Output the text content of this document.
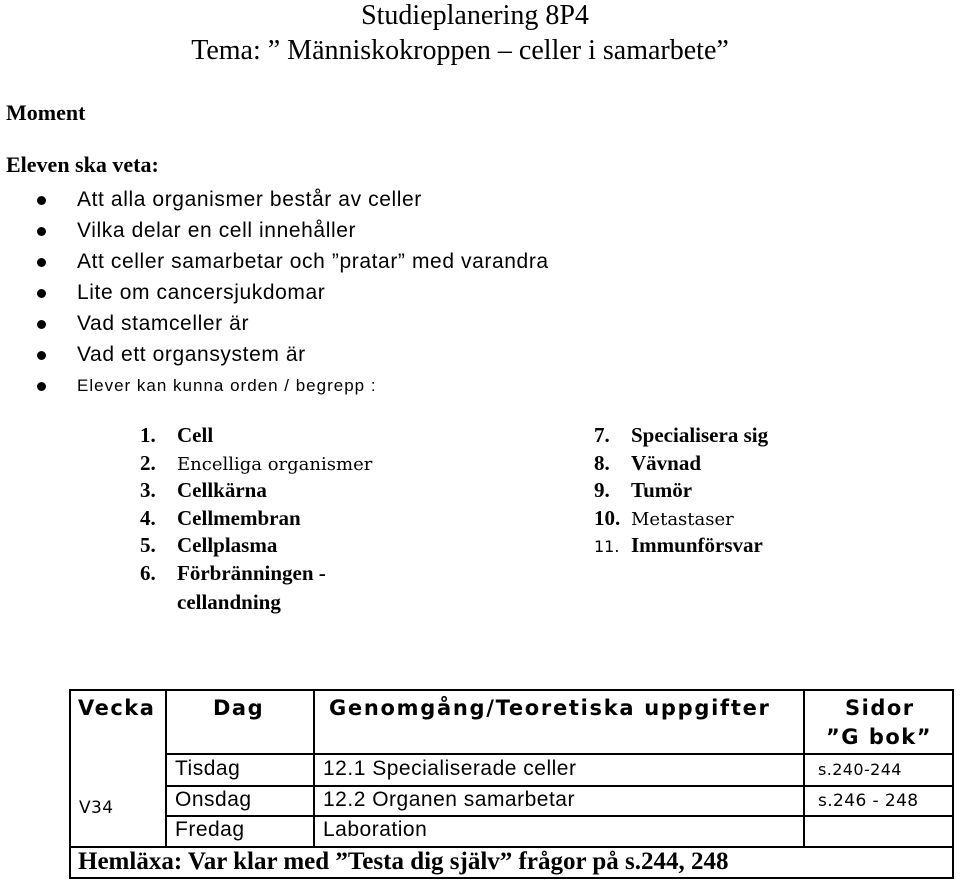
Studieplanering 8P4
Tema: ” Människokroppen – celler i samarbete”
Moment
Eleven ska veta:
Att alla organismer består av celler
Vilka delar en cell innehåller
Att celler samarbetar och ”pratar” med varandra
Lite om cancersjukdomar
Vad stamceller är
Vad ett organsystem är
Elever kan kunna orden / begrepp :
1. Cell
2. Encelliga organismer
3. Cellkärna
4. Cellmembran
5. Cellplasma
6. Förbränningen -
cellandning
7. Specialisera sig
8. Vävnad
9. Tumör
10. Metastaser
11. Immunförsvar
Vecka	Dag	Genomgång/Teoretiska uppgifter	Sidor
”G bok”
V34
Tisdag	12.1 Specialiserade celler	s.240-244
Onsdag	12.2 Organen samarbetar	s.246 - 248
Fredag	Laboration
Hemläxa: Var klar med ”Testa dig själv” frågor på s.244, 248
